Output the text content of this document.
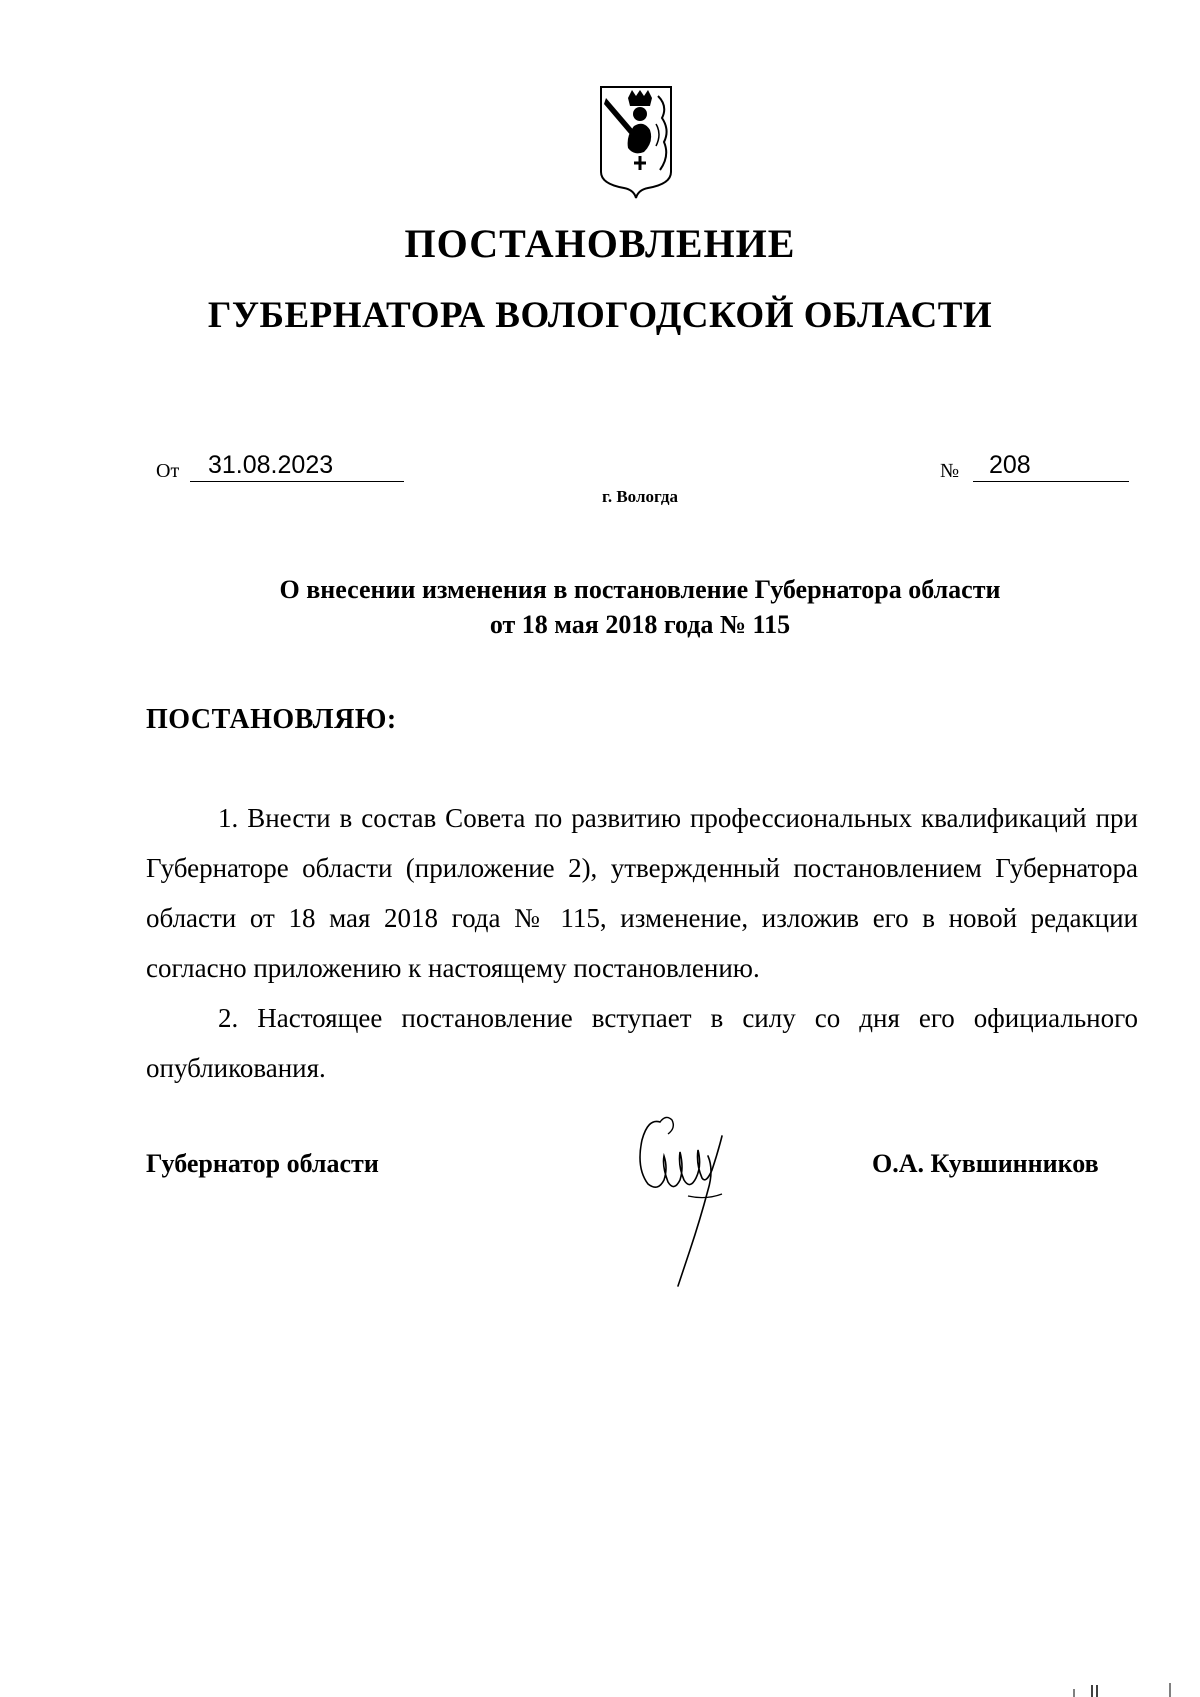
ПОСТАНОВЛЕНИЕ
ГУБЕРНАТОРА ВОЛОГОДСКОЙ ОБЛАСТИ
От 31.08.2023	№ 208
г. Вологда
О внесении изменения в постановление Губернатора области
от 18 мая 2018 года № 115
ПОСТАНОВЛЯЮ:

1. Внести в состав Совета по развитию профессиональных квалификаций при Губернаторе области (приложение 2), утвержденный постановлением Губернатора области от 18 мая 2018 года № 115, изменение, изложив его в новой редакции согласно приложению к настоящему постановлению.

2. Настоящее постановление вступает в силу со дня его официального опубликования.

Губернатор области	О.А. Кувшинников
